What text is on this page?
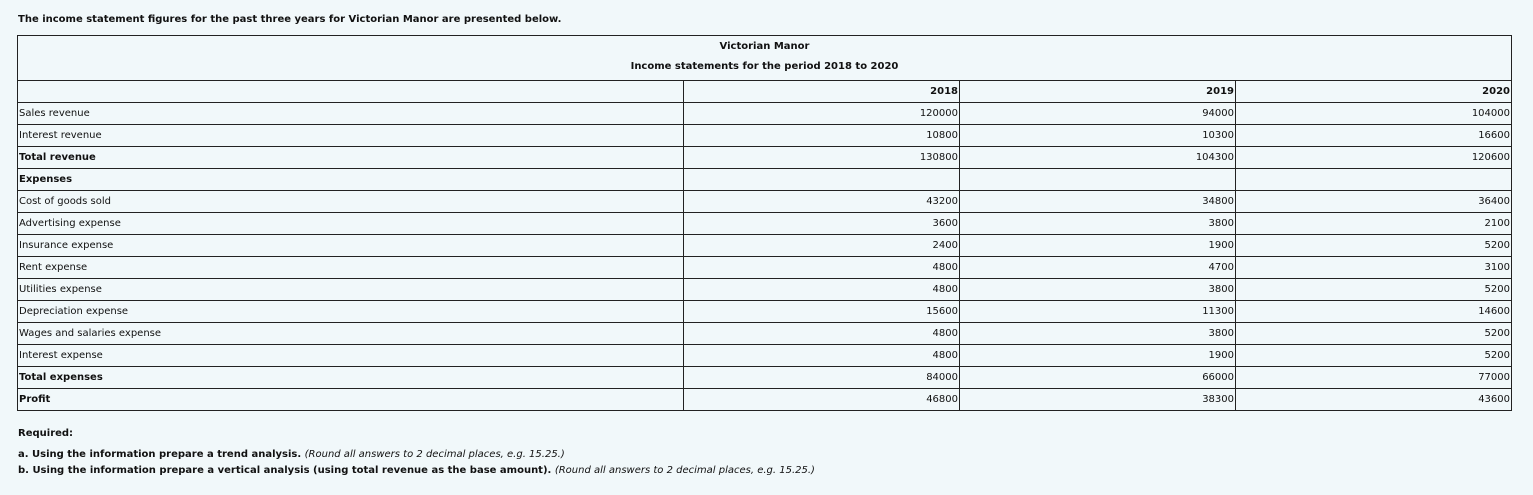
The income statement figures for the past three years for Victorian Manor are presented below.
Victorian Manor
Income statements for the period 2018 to 2020			

	2018	2019	2020
Sales revenue	120000	94000	104000
Interest revenue	10800	10300	16600
Total revenue	130800	104300	120600
Expenses			
Cost of goods sold	43200	34800	36400
Advertising expense	3600	3800	2100
Insurance expense	2400	1900	5200
Rent expense	4800	4700	3100
Utilities expense	4800	3800	5200
Depreciation expense	15600	11300	14600
Wages and salaries expense	4800	3800	5200
Interest expense	4800	1900	5200
Total expenses	84000	66000	77000
Profit	46800	38300	43600
Required:
a. Using the information prepare a trend analysis. (Round all answers to 2 decimal places, e.g. 15.25.)
b. Using the information prepare a vertical analysis (using total revenue as the base amount). (Round all answers to 2 decimal places, e.g. 15.25.)
